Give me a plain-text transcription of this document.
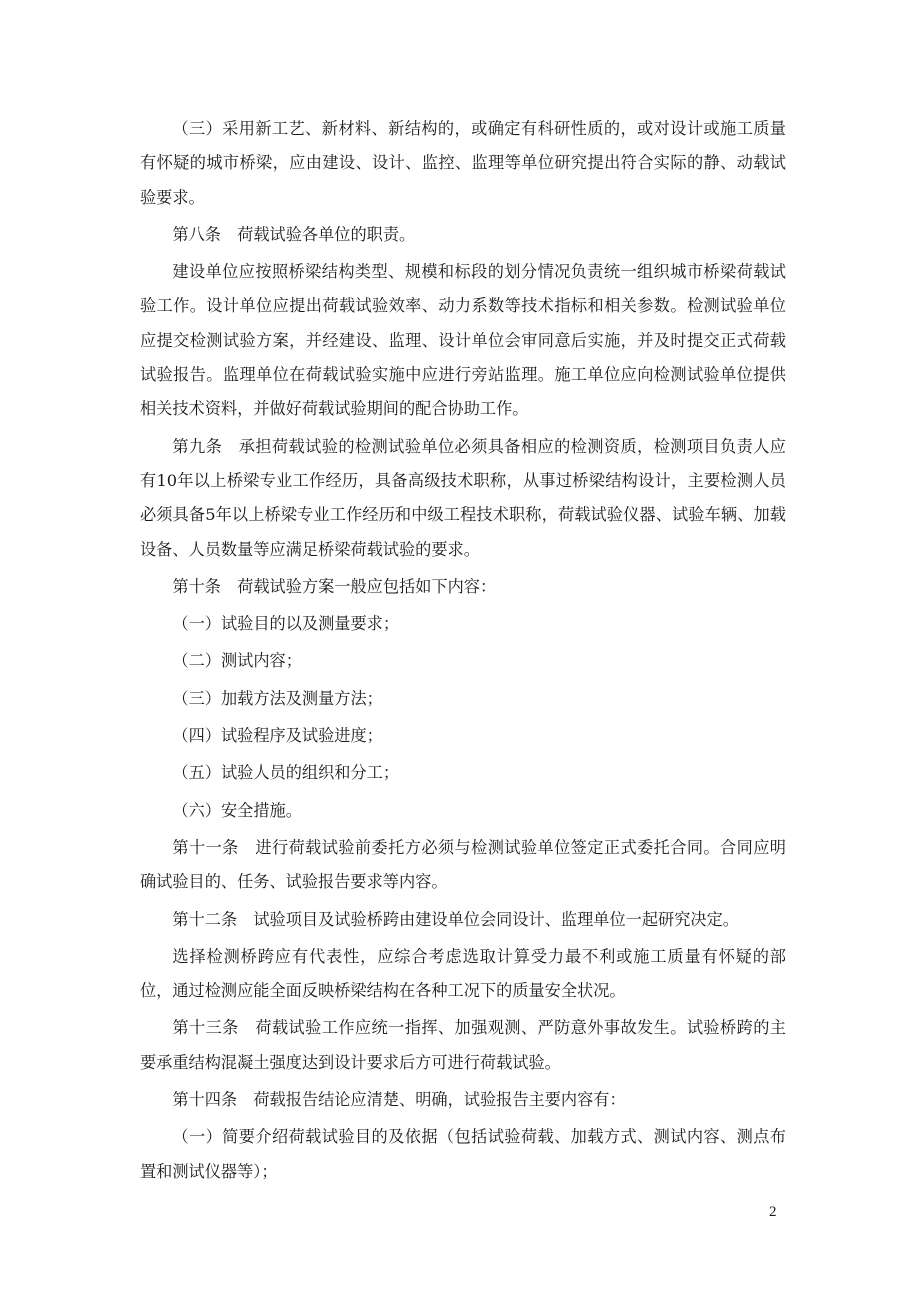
（三）采用新工艺、新材料、新结构的，或确定有科研性质的，或对设计或施工质量有怀疑的城市桥梁，应由建设、设计、监控、监理等单位研究提出符合实际的静、动载试验要求。

第八条　荷载试验各单位的职责。

建设单位应按照桥梁结构类型、规模和标段的划分情况负责统一组织城市桥梁荷载试验工作。设计单位应提出荷载试验效率、动力系数等技术指标和相关参数。检测试验单位应提交检测试验方案，并经建设、监理、设计单位会审同意后实施，并及时提交正式荷载试验报告。监理单位在荷载试验实施中应进行旁站监理。施工单位应向检测试验单位提供相关技术资料，并做好荷载试验期间的配合协助工作。

第九条　承担荷载试验的检测试验单位必须具备相应的检测资质，检测项目负责人应有10年以上桥梁专业工作经历，具备高级技术职称，从事过桥梁结构设计，主要检测人员必须具备5年以上桥梁专业工作经历和中级工程技术职称，荷载试验仪器、试验车辆、加载设备、人员数量等应满足桥梁荷载试验的要求。

第十条　荷载试验方案一般应包括如下内容：

（一）试验目的以及测量要求；

（二）测试内容；

（三）加载方法及测量方法；

（四）试验程序及试验进度；

（五）试验人员的组织和分工；

（六）安全措施。

第十一条　进行荷载试验前委托方必须与检测试验单位签定正式委托合同。合同应明确试验目的、任务、试验报告要求等内容。

第十二条　试验项目及试验桥跨由建设单位会同设计、监理单位一起研究决定。

选择检测桥跨应有代表性，应综合考虑选取计算受力最不利或施工质量有怀疑的部位，通过检测应能全面反映桥梁结构在各种工况下的质量安全状况。

第十三条　荷载试验工作应统一指挥、加强观测、严防意外事故发生。试验桥跨的主要承重结构混凝土强度达到设计要求后方可进行荷载试验。

第十四条　荷载报告结论应清楚、明确，试验报告主要内容有：

（一）简要介绍荷载试验目的及依据（包括试验荷载、加载方式、测试内容、测点布置和测试仪器等）；

2
